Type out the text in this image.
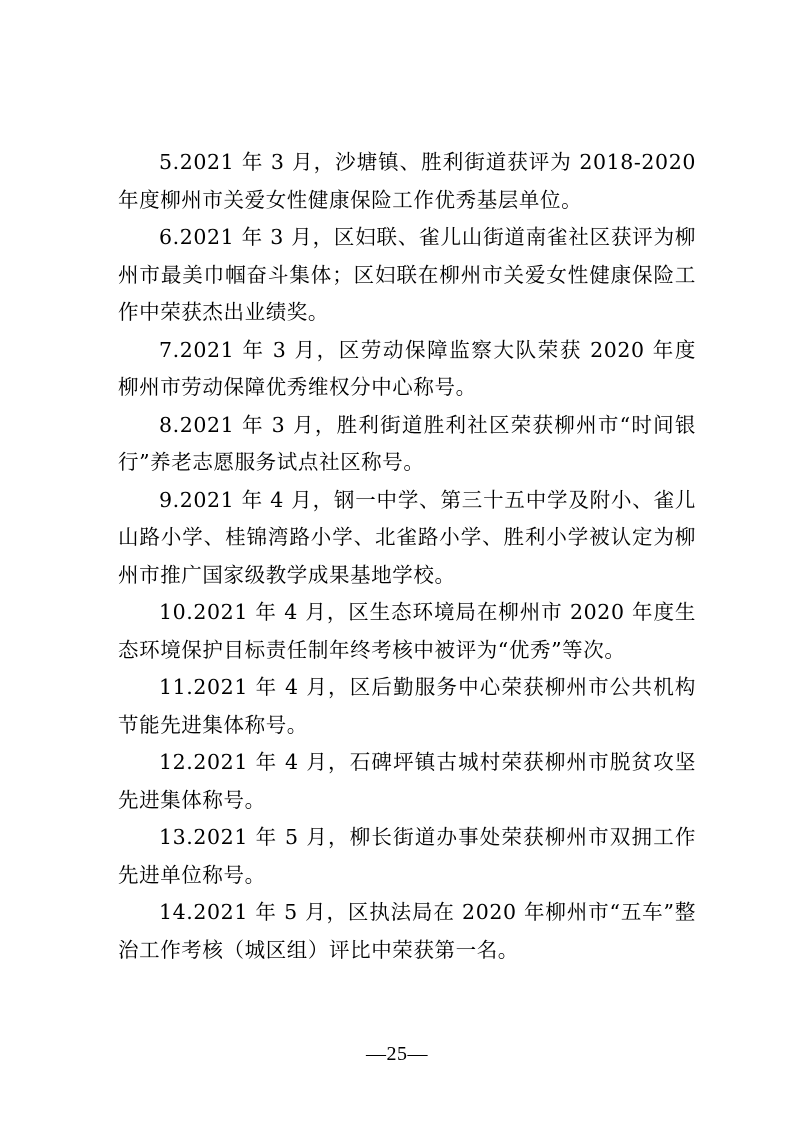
5.2021 年 3 月，沙塘镇、胜利街道获评为 2018-2020 年度柳州市关爱女性健康保险工作优秀基层单位。

6.2021 年 3 月，区妇联、雀儿山街道南雀社区获评为柳州市最美巾帼奋斗集体；区妇联在柳州市关爱女性健康保险工作中荣获杰出业绩奖。

7.2021 年 3 月，区劳动保障监察大队荣获 2020 年度柳州市劳动保障优秀维权分中心称号。

8.2021 年 3 月，胜利街道胜利社区荣获柳州市“时间银行”养老志愿服务试点社区称号。

9.2021 年 4 月，钢一中学、第三十五中学及附小、雀儿山路小学、桂锦湾路小学、北雀路小学、胜利小学被认定为柳州市推广国家级教学成果基地学校。

10.2021 年 4 月，区生态环境局在柳州市 2020 年度生态环境保护目标责任制年终考核中被评为“优秀”等次。

11.2021 年 4 月，区后勤服务中心荣获柳州市公共机构节能先进集体称号。

12.2021 年 4 月，石碑坪镇古城村荣获柳州市脱贫攻坚先进集体称号。

13.2021 年 5 月，柳长街道办事处荣获柳州市双拥工作先进单位称号。

14.2021 年 5 月，区执法局在 2020 年柳州市“五车”整治工作考核（城区组）评比中荣获第一名。

—25—
